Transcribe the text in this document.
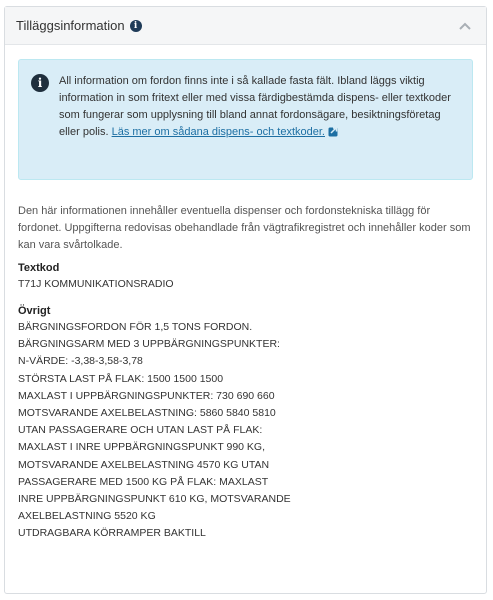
Tilläggsinformation	i
i	All information om fordon finns inte i så kallade fasta fält. Ibland läggs viktig information in som fritext eller med vissa färdigbestämda dispens- eller textkoder som fungerar som upplysning till bland annat fordonsägare, besiktningsföretag eller polis. Läs mer om sådana dispens- och textkoder.

Den här informationen innehåller eventuella dispenser och fordonstekniska tillägg för fordonet. Uppgifterna redovisas obehandlade från vägtrafikregistret och innehåller koder som kan vara svårtolkade.

Textkod
T71J KOMMUNIKATIONSRADIO
Övrigt
BÄRGNINGSFORDON FÖR 1,5 TONS FORDON.
BÄRGNINGSARM MED 3 UPPBÄRGNINGSPUNKTER:
N-VÄRDE: -3,38-3,58-3,78
STÖRSTA LAST PÅ FLAK: 1500 1500 1500
MAXLAST I UPPBÄRGNINGSPUNKTER: 730 690 660
MOTSVARANDE AXELBELASTNING: 5860 5840 5810
UTAN PASSAGERARE OCH UTAN LAST PÅ FLAK:
MAXLAST I INRE UPPBÄRGNINGSPUNKT 990 KG,
MOTSVARANDE AXELBELASTNING 4570 KG UTAN
PASSAGERARE MED 1500 KG PÅ FLAK: MAXLAST
INRE UPPBÄRGNINGSPUNKT 610 KG, MOTSVARANDE
AXELBELASTNING 5520 KG
UTDRAGBARA KÖRRAMPER BAKTILL
